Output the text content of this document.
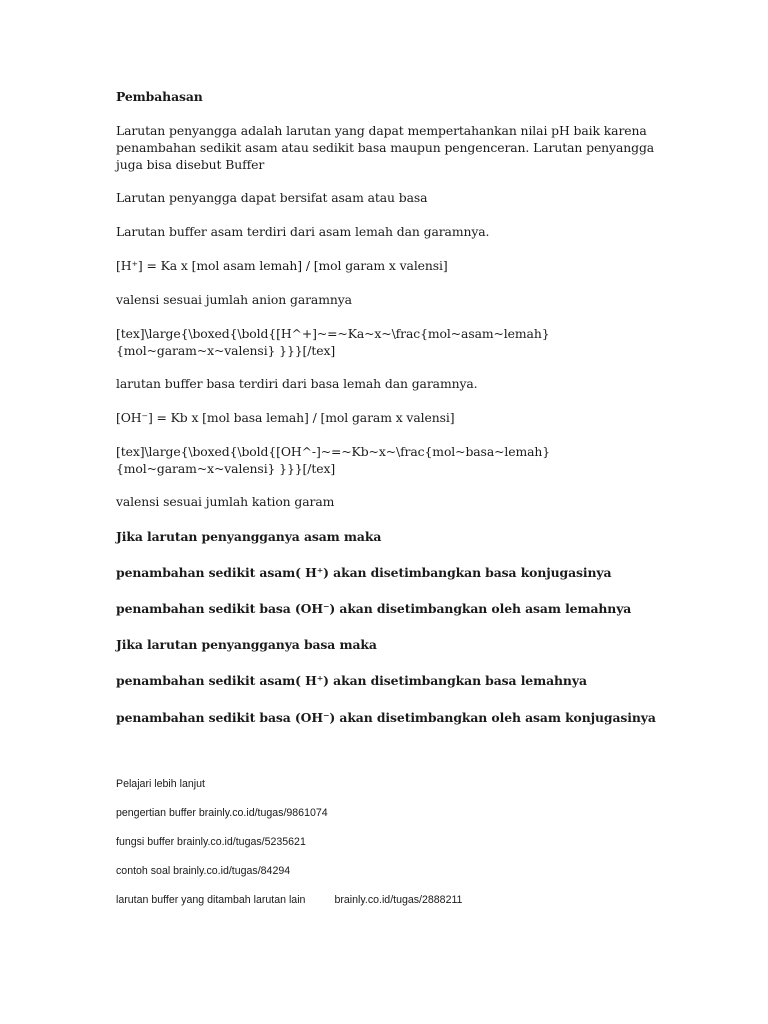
Pembahasan

Larutan penyangga adalah larutan yang dapat mempertahankan nilai pH baik karena
penambahan sedikit asam atau sedikit basa maupun pengenceran. Larutan penyangga
juga bisa disebut Buffer

Larutan penyangga dapat bersifat asam atau basa

Larutan buffer asam terdiri dari asam lemah dan garamnya.

[H⁺] = Ka x [mol asam lemah] / [mol garam x valensi]

valensi sesuai jumlah anion garamnya

[tex]\large{\boxed{\bold{[H^+]~=~Ka~x~\frac{mol~asam~lemah}
{mol~garam~x~valensi} }}}[/tex]

larutan buffer basa terdiri dari basa lemah dan garamnya.

[OH⁻] = Kb x [mol basa lemah] / [mol garam x valensi]

[tex]\large{\boxed{\bold{[OH^-]~=~Kb~x~\frac{mol~basa~lemah}
{mol~garam~x~valensi} }}}[/tex]

valensi sesuai jumlah kation garam

Jika larutan penyangganya asam maka

penambahan sedikit asam( H⁺) akan disetimbangkan basa konjugasinya

penambahan sedikit basa (OH⁻) akan disetimbangkan oleh asam lemahnya

Jika larutan penyangganya basa maka

penambahan sedikit asam( H⁺) akan disetimbangkan basa lemahnya

penambahan sedikit basa (OH⁻) akan disetimbangkan oleh asam konjugasinya

Pelajari lebih lanjut

pengertian buffer brainly.co.id/tugas/9861074

fungsi buffer brainly.co.id/tugas/5235621

contoh soal brainly.co.id/tugas/84294

larutan buffer yang ditambah larutan lain	brainly.co.id/tugas/2888211
